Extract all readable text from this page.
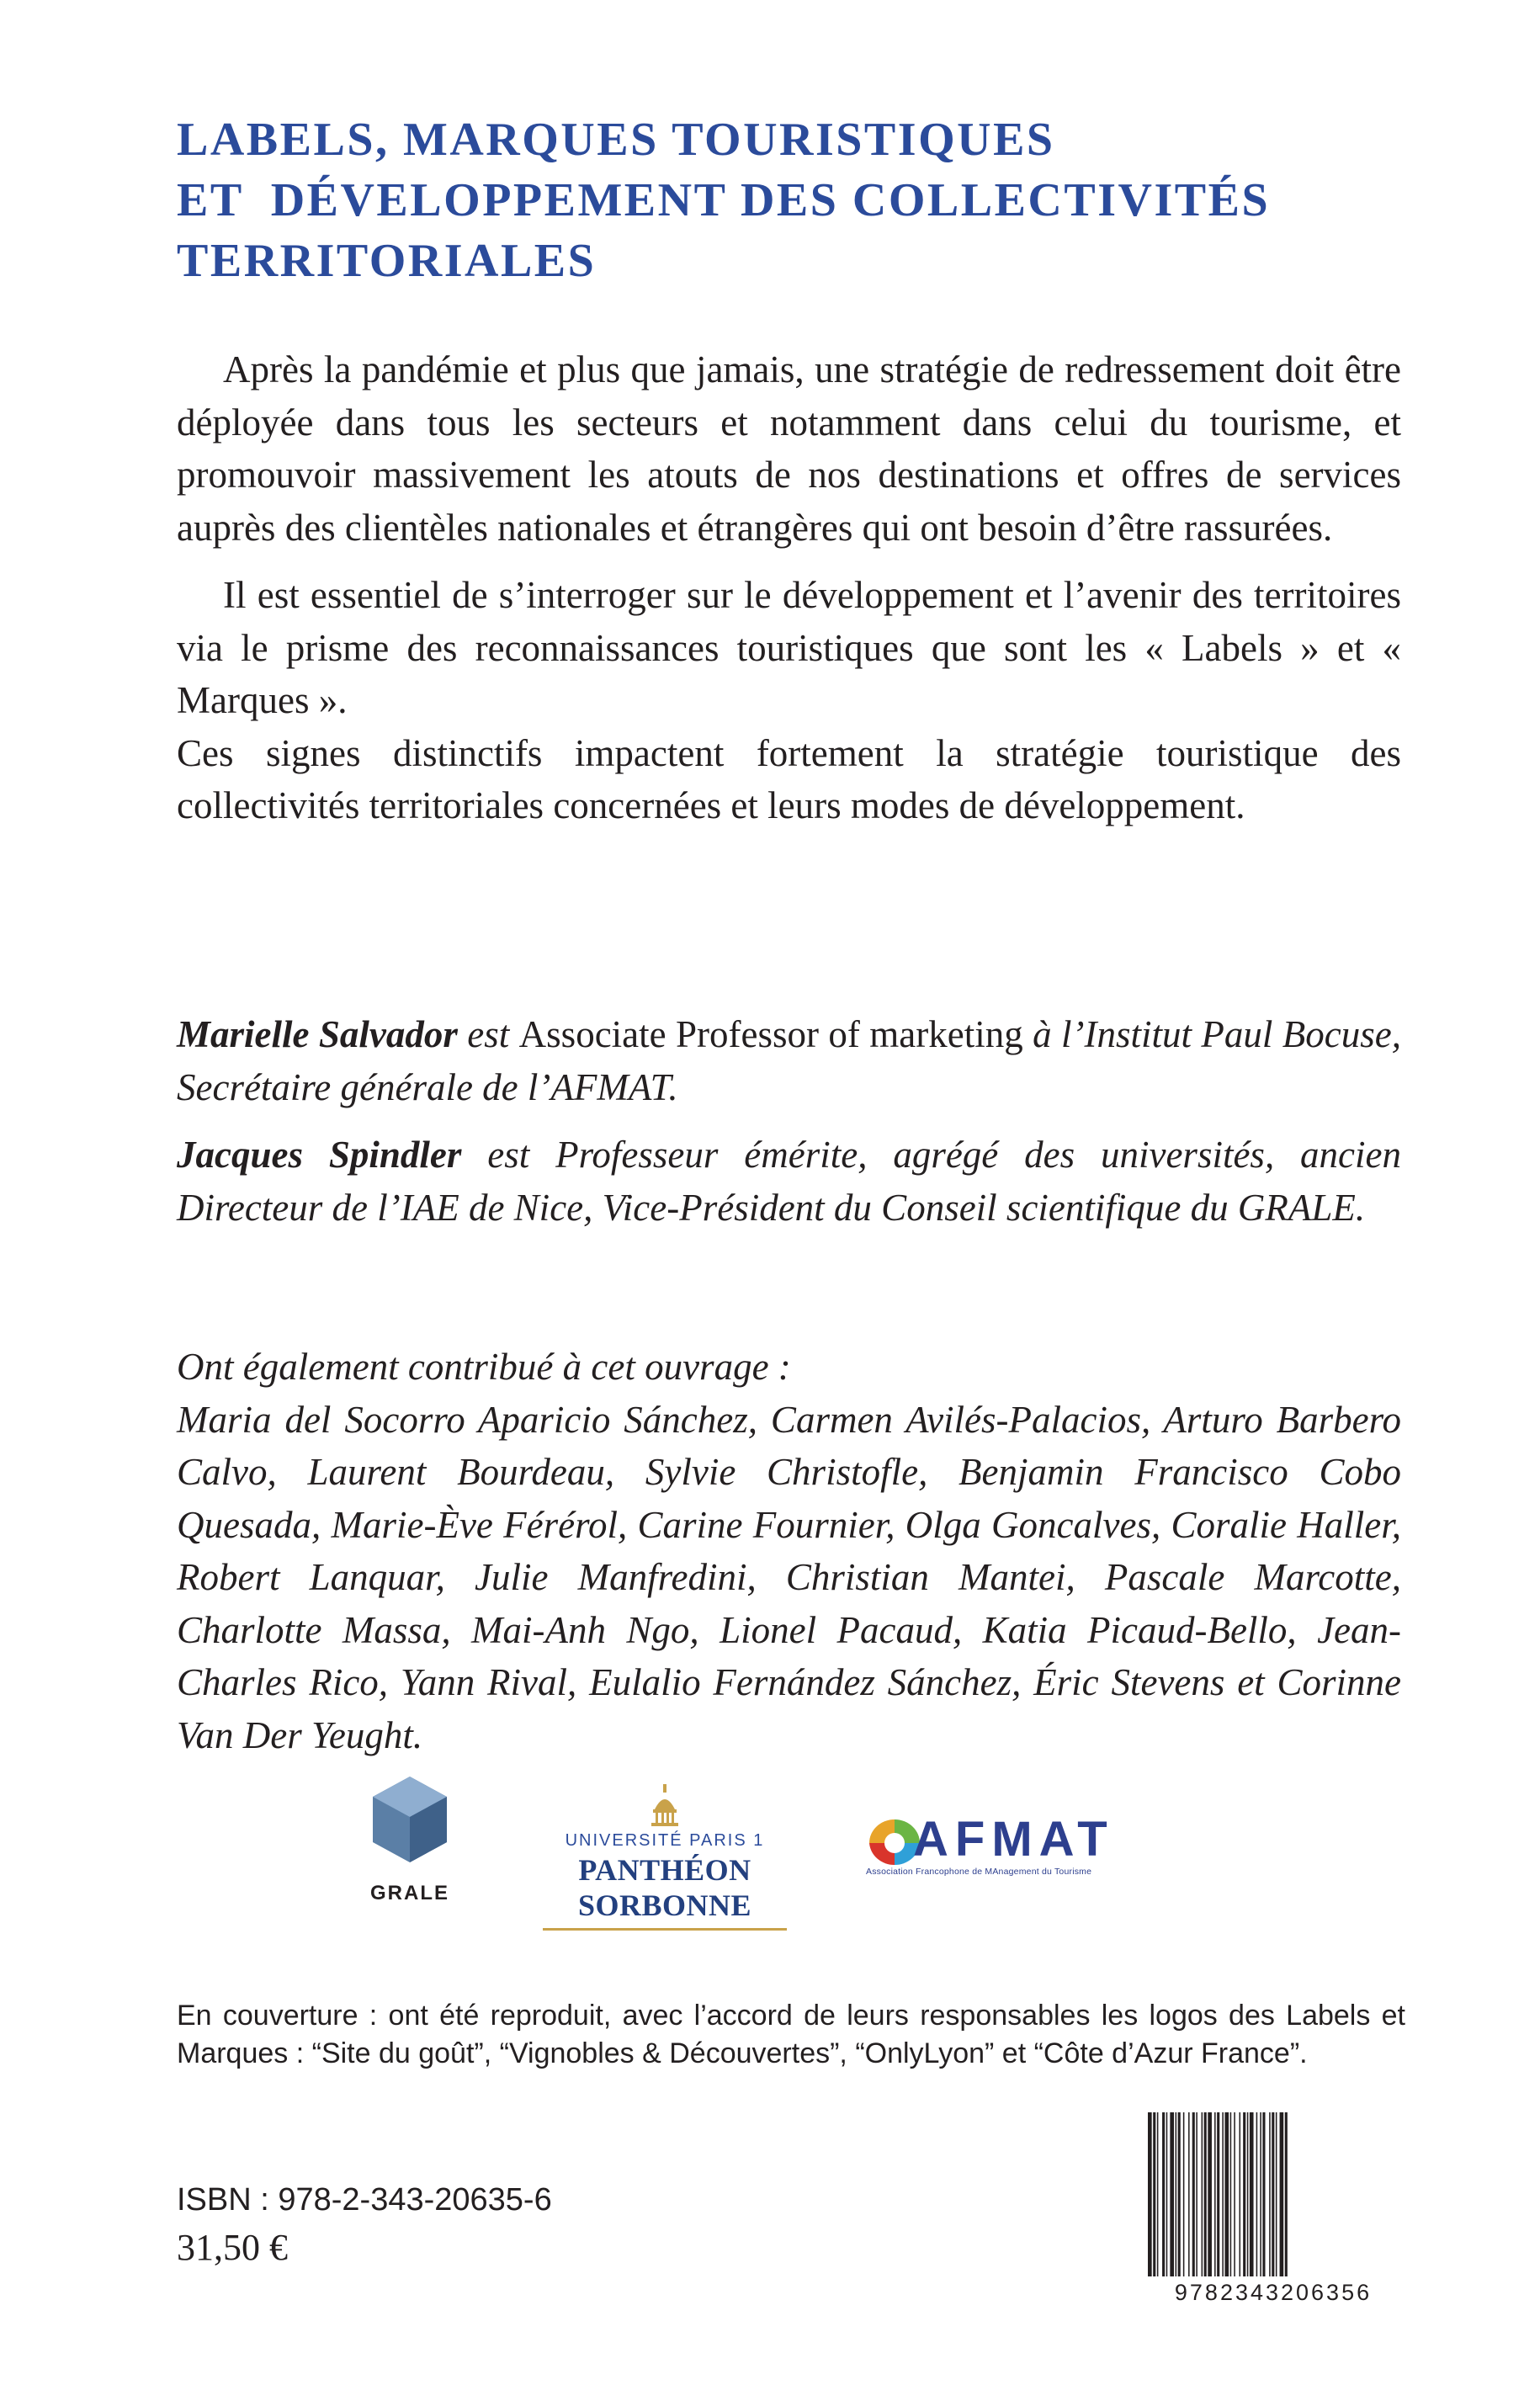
LABELS, MARQUES TOURISTIQUES
ET  DÉVELOPPEMENT DES COLLECTIVITÉS
TERRITORIALES

Après la pandémie et plus que jamais, une stratégie de redressement doit être déployée dans tous les secteurs et notamment dans celui du tourisme, et promouvoir massivement les atouts de nos destinations et offres de services auprès des clientèles nationales et étrangères qui ont besoin d’être rassurées.

Il est essentiel de s’interroger sur le développement et l’avenir des territoires via le prisme des reconnaissances touristiques que sont les « Labels » et « Marques ».

Ces signes distinctifs impactent fortement la stratégie touristique des collectivités territoriales concernées et leurs modes de développement.

Marielle Salvador est Associate Professor of marketing à l’Institut Paul Bocuse, Secrétaire générale de l’AFMAT.

Jacques Spindler est Professeur émérite, agrégé des universités, ancien Directeur de l’IAE de Nice, Vice-Président du Conseil scientifique du GRALE.

Ont également contribué à cet ouvrage :

Maria del Socorro Aparicio Sánchez, Carmen Avilés-Palacios, Arturo Barbero Calvo, Laurent Bourdeau, Sylvie Christofle, Benjamin Francisco Cobo Quesada, Marie-Ève Férérol, Carine Fournier, Olga Goncalves, Coralie Haller, Robert Lanquar, Julie Manfredini, Christian Mantei, Pascale Marcotte, Charlotte Massa, Mai-Anh Ngo, Lionel Pacaud, Katia Picaud-Bello, Jean-Charles Rico, Yann Rival, Eulalio Fernández Sánchez, Éric Stevens et Corinne Van Der Yeught.

GRALE
UNIVERSITÉ PARIS 1
PANTHÉON SORBONNE
AFMAT
Association Francophone de MAnagement du Tourisme

En couverture : ont été reproduit, avec l’accord de leurs responsables les logos des Labels et Marques : “Site du goût”, “Vignobles & Découvertes”, “OnlyLyon” et “Côte d’Azur France”.

ISBN : 978-2-343-20635-6

31,50 €

9782343206356
